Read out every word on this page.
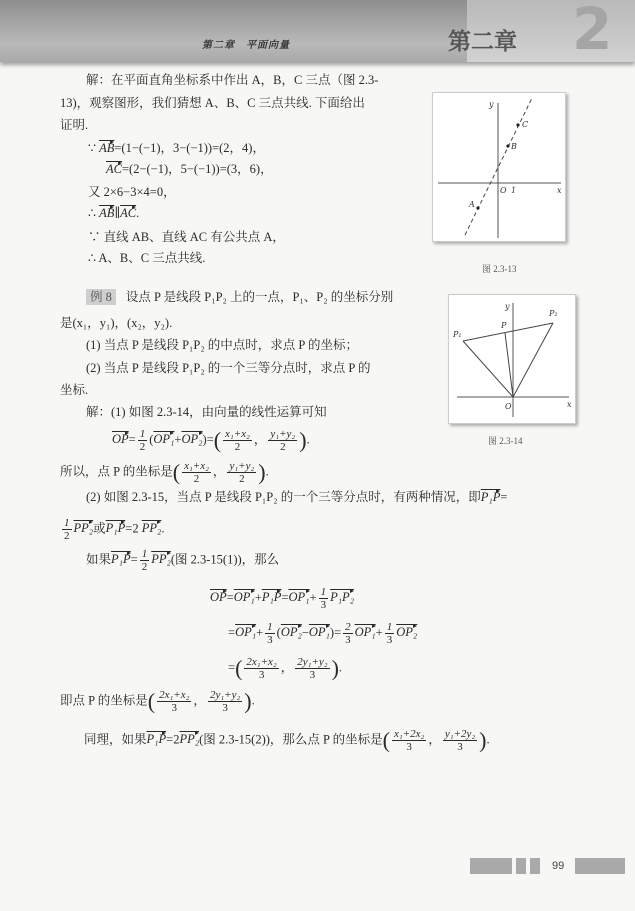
第二章　平面向量	2
第二章
解：在平面直角坐标系中作出 A，B，C 三点（图 2.3-
13)，观察图形，我们猜想 A、B、C 三点共线. 下面给出
证明.
∵ $\overline{AB}=(1-(-1)$，3−(−1))=(2，4)，
$\overline{AC}=(2-(-1)$，5−(−1))=(3，6)，
又 2×6−3×4=0，
∴ $\overline{AB}\parallel\overline{AC}$.
∵ 直线 AB、直线 AC 有公共点 A，
∴ A、B、C 三点共线.
例 8 设点 P 是线段 P₁P₂ 上的一点，P₁、P₂ 的坐标分别
是(x₁，y₁)，(x₂，y₂).
(1) 当点 P 是线段 P₁P₂ 的中点时，求点 P 的坐标；
(2) 当点 P 是线段 P₁P₂ 的一个三等分点时，求点 P 的
坐标.
解：(1) 如图 2.3-14，由向量的线性运算可知
$\overline{OP}= \frac{1}{2} (OP_1+OP_2)=( \frac{\text{x₁+x₂}}{2}$ ， $\frac{\text{y₁+y₂}}{2}$ ).
所以，点 P 的坐标是( $\frac{\text{x₁+x₂}}{2}$ ， $\frac{\text{y₁+y₂}}{2}$ ).
(2) 如图 2.3-15，当点 P 是线段 P₁P₂ 的一个三等分点时，有两种情况，即P₁P=
$\frac{1}{2} PP_2$或P₁P=2 PP₂.
如果$P_1P= \frac{1}{2} PP_2$(图 2.3-15(1))，那么
$\overline{OP}=OP_1+P_1P=OP_1+ \frac{1}{3} P_1P_2$
$=OP_1+ \frac{1}{3} (OP_2-OP_1)= \frac{2}{3} OP_1+ \frac{1}{3} OP_2$
=( $\frac{\text{2x₁+x₂}}{3}$ ， $\frac{\text{2y₁+y₂}}{3}$ ).
即点 P 的坐标是( $\frac{\text{2x₁+x₂}}{3}$ ， $\frac{\text{2y₁+y₂}}{3}$ ).
同理，如果P₁P=2PP₂(图 2.3-15(2))，那么点 P 的坐标是( $\frac{\text{x₁+2x₂}}{3}$ ， $\frac{\text{y₁+2y₂}}{3}$ ).
y
x
O 1
A
B
C
图 2.3-13
y
x
O
P
P₁
P₂
图 2.3-14
99
